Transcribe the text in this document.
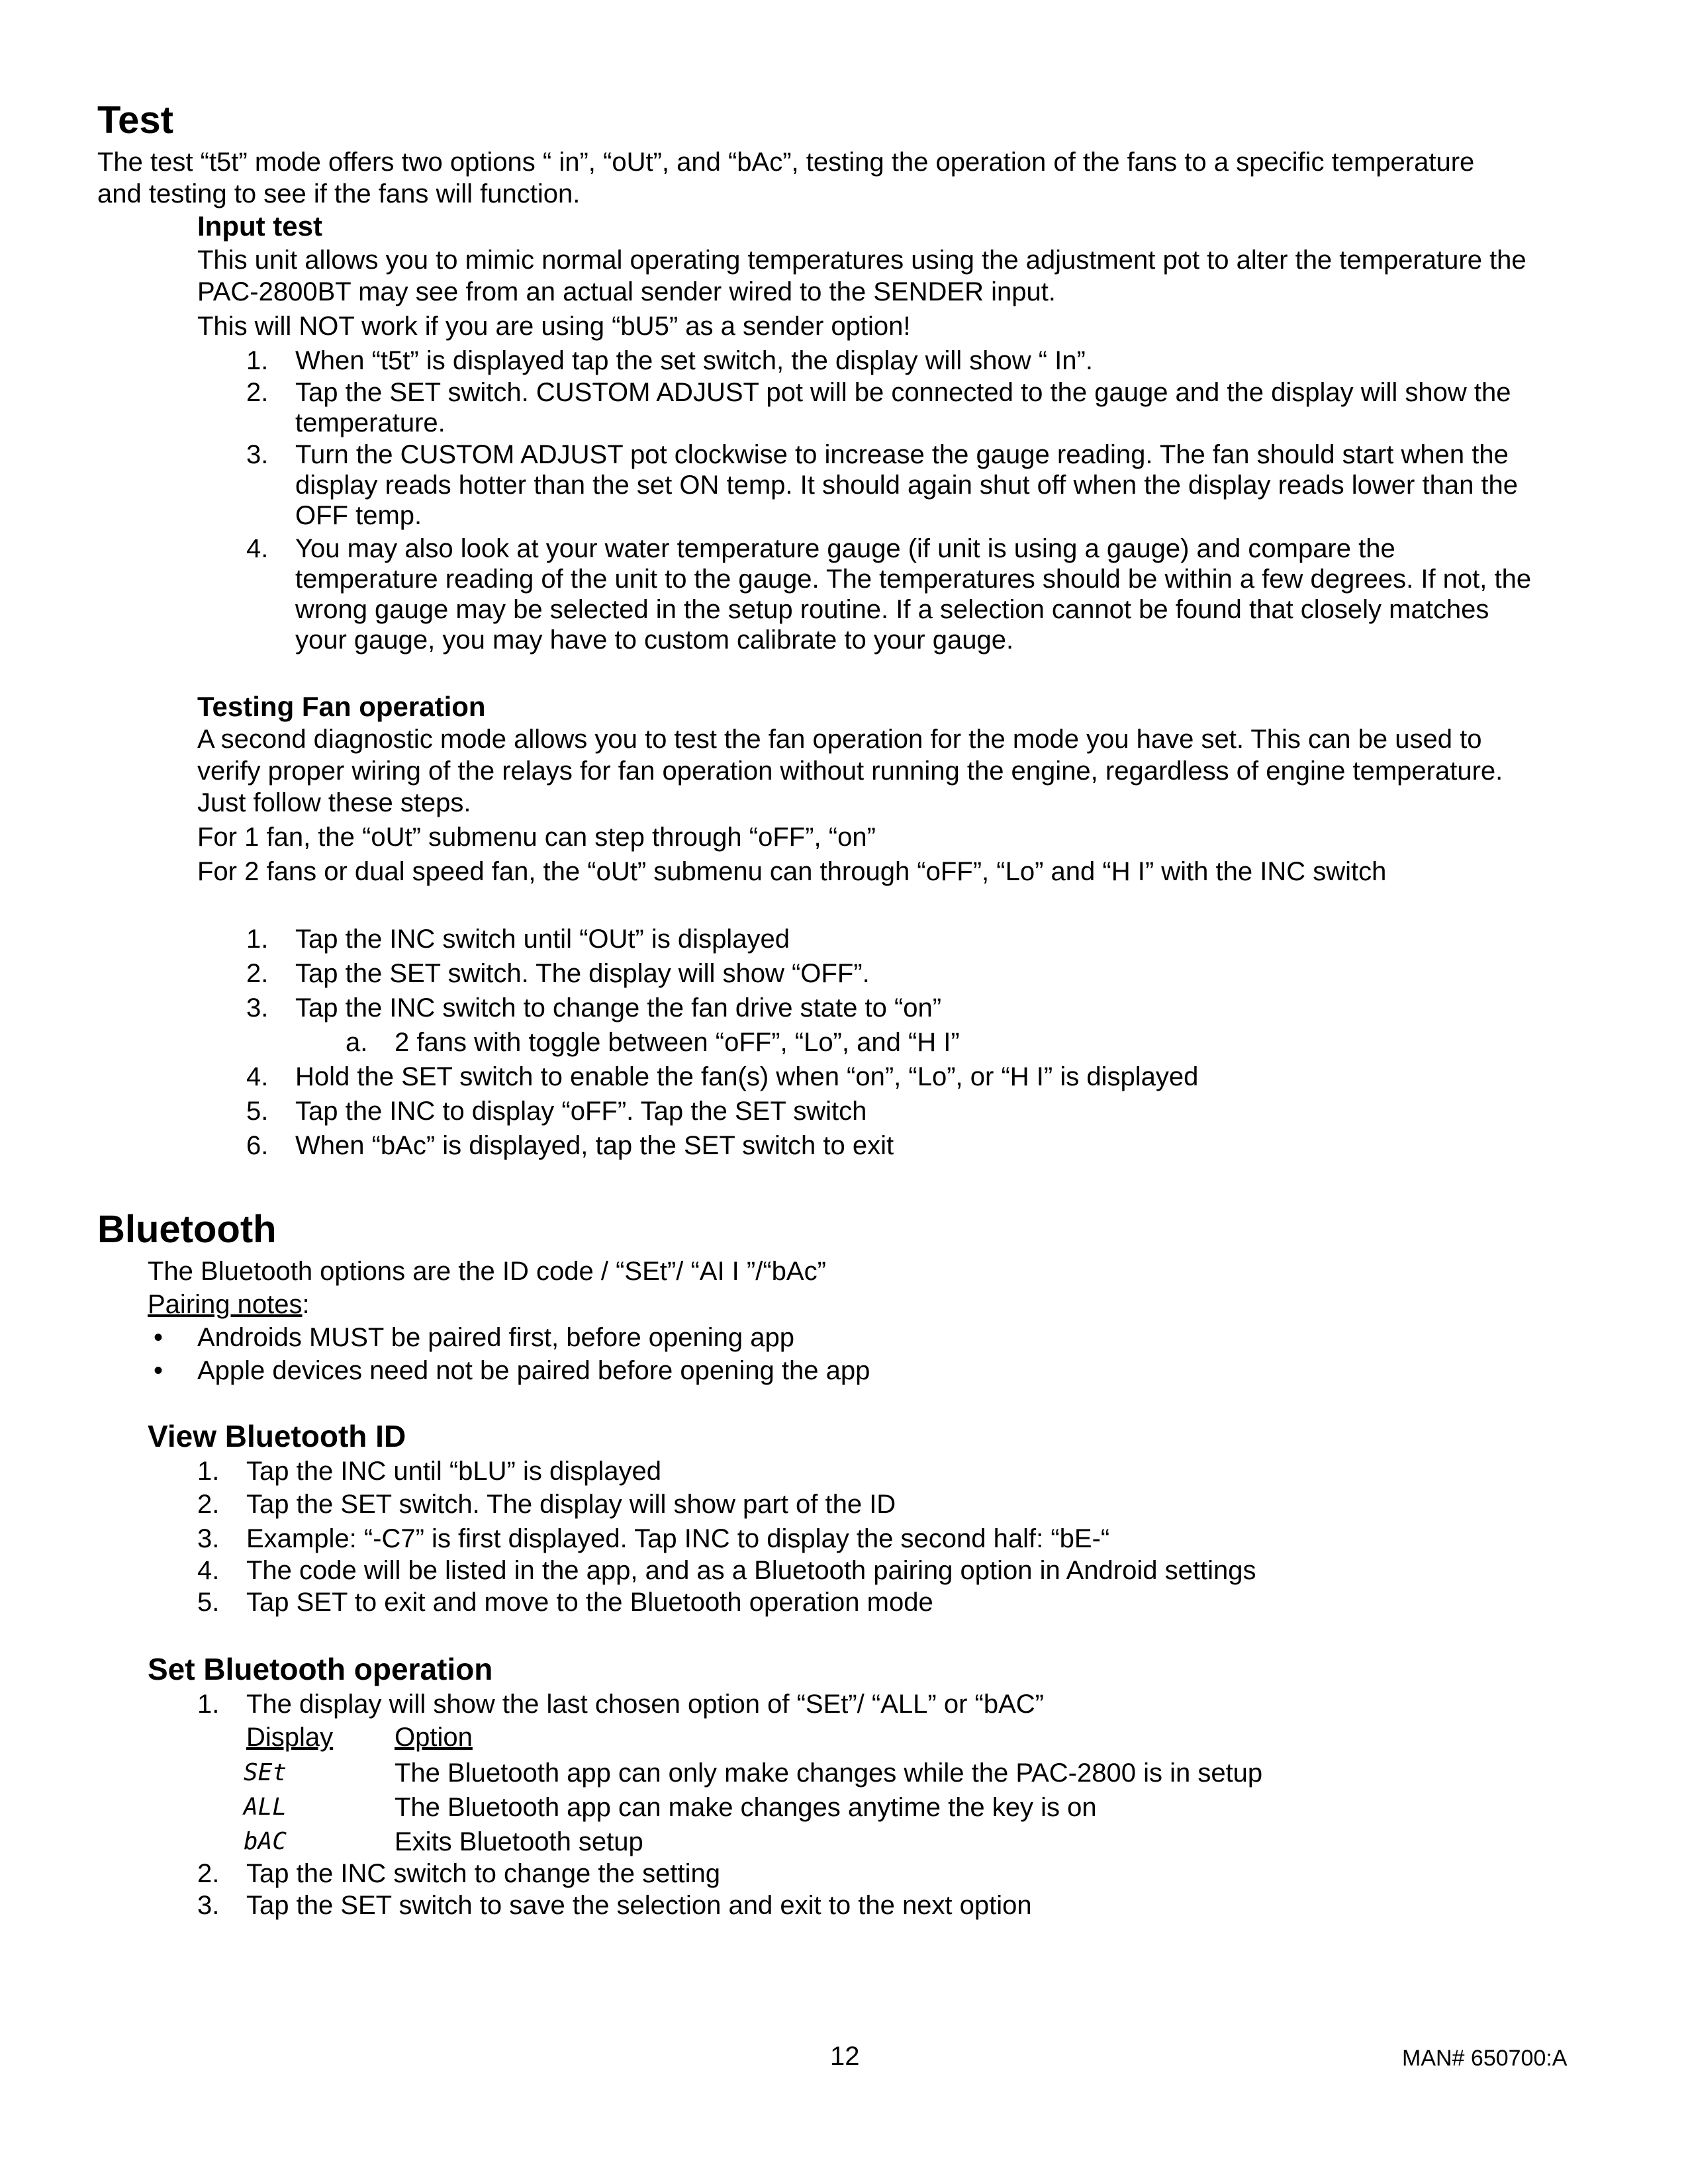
Test
The test “t5t” mode offers two options “ in”, “oUt”, and “bAc”, testing the operation of the fans to a specific temperature
and testing to see if the fans will function.
Input test
This unit allows you to mimic normal operating temperatures using the adjustment pot to alter the temperature the
PAC-2800BT may see from an actual sender wired to the SENDER input.
This will NOT work if you are using “bU5” as a sender option!
1. When “t5t” is displayed tap the set switch, the display will show “ In”.
2. Tap the SET switch. CUSTOM ADJUST pot will be connected to the gauge and the display will show the
temperature.
3. Turn the CUSTOM ADJUST pot clockwise to increase the gauge reading. The fan should start when the
display reads hotter than the set ON temp. It should again shut off when the display reads lower than the
OFF temp.
4. You may also look at your water temperature gauge (if unit is using a gauge) and compare the
temperature reading of the unit to the gauge. The temperatures should be within a few degrees. If not, the
wrong gauge may be selected in the setup routine. If a selection cannot be found that closely matches
your gauge, you may have to custom calibrate to your gauge.
Testing Fan operation
A second diagnostic mode allows you to test the fan operation for the mode you have set. This can be used to
verify proper wiring of the relays for fan operation without running the engine, regardless of engine temperature.
Just follow these steps.
For 1 fan, the “oUt” submenu can step through “oFF”, “on”
For 2 fans or dual speed fan, the “oUt” submenu can through “oFF”, “Lo” and “H I” with the INC switch
1. Tap the INC switch until “OUt” is displayed
2. Tap the SET switch. The display will show “OFF”.
3. Tap the INC switch to change the fan drive state to “on”
a. 2 fans with toggle between “oFF”, “Lo”, and “H I”
4. Hold the SET switch to enable the fan(s) when “on”, “Lo”, or “H I” is displayed
5. Tap the INC to display “oFF”. Tap the SET switch
6. When “bAc” is displayed, tap the SET switch to exit
Bluetooth
The Bluetooth options are the ID code / “SEt”/ “AI I ”/“bAc”
Pairing notes:
• Androids MUST be paired first, before opening app
• Apple devices need not be paired before opening the app
View Bluetooth ID
1. Tap the INC until “bLU” is displayed
2. Tap the SET switch. The display will show part of the ID
3. Example: “-C7” is first displayed. Tap INC to display the second half: “bE-“
4. The code will be listed in the app, and as a Bluetooth pairing option in Android settings
5. Tap SET to exit and move to the Bluetooth operation mode
Set Bluetooth operation
1. The display will show the last chosen option of “SEt”/ “ALL” or “bAC”
Display Option
SEt	The Bluetooth app can only make changes while the PAC-2800 is in setup
ALL	The Bluetooth app can make changes anytime the key is on
bAC	Exits Bluetooth setup
2. Tap the INC switch to change the setting
3. Tap the SET switch to save the selection and exit to the next option
12	MAN# 650700:A
